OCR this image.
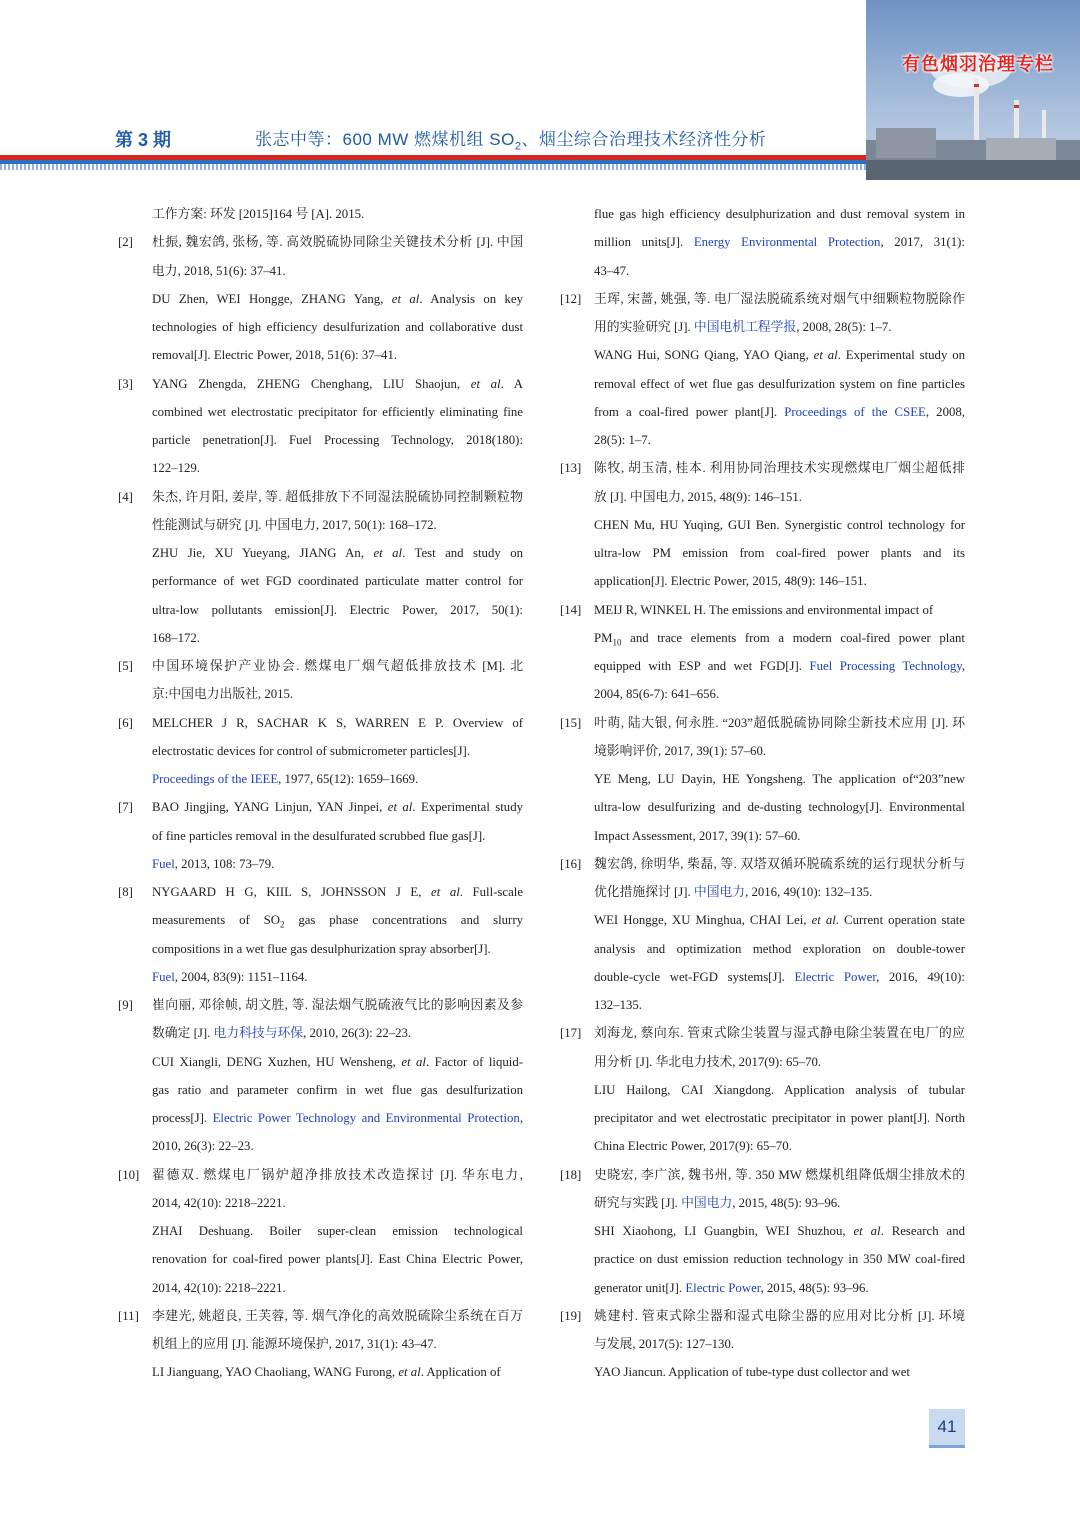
第 3 期	张志中等：600 MW 燃煤机组 $SO_2$、烟尘综合治理技术经济性分析
有色烟羽治理专栏
工作方案: 环发 [2015]164 号 [A]. 2015.
[2]	杜振, 魏宏鸽, 张杨, 等. 高效脱硫协同除尘关键技术分析 [J]. 中国
电力, 2018, 51(6): 37–41.
DU Zhen, WEI Hongge, ZHANG Yang, et al. Analysis on key
technologies of high efficiency desulfurization and collaborative dust
removal[J]. Electric Power, 2018, 51(6): 37–41.
[3]	YANG Zhengda, ZHENG Chenghang, LIU Shaojun, et al. A
combined wet electrostatic precipitator for efficiently eliminating fine
particle penetration[J]. Fuel Processing Technology, 2018(180):
122–129.
[4]	朱杰, 许月阳, 姜岸, 等. 超低排放下不同湿法脱硫协同控制颗粒物
性能测试与研究 [J]. 中国电力, 2017, 50(1): 168–172.
ZHU Jie, XU Yueyang, JIANG An, et al. Test and study on
performance of wet FGD coordinated particulate matter control for
ultra-low pollutants emission[J]. Electric Power, 2017, 50(1):
168–172.
[5]	中国环境保护产业协会. 燃煤电厂烟气超低排放技术 [M]. 北
京:中国电力出版社, 2015.
[6]	MELCHER J R, SACHAR K S, WARREN E P. Overview of
electrostatic devices for control of submicrometer particles[J].
Proceedings of the IEEE, 1977, 65(12): 1659–1669.
[7]	BAO Jingjing, YANG Linjun, YAN Jinpei, et al. Experimental study
of fine particles removal in the desulfurated scrubbed flue gas[J].
Fuel, 2013, 108: 73–79.
[8]	NYGAARD H G, KIIL S, JOHNSSON J E, et al. Full-scale
measurements of $SO_2$ gas phase concentrations and slurry
compositions in a wet flue gas desulphurization spray absorber[J].
Fuel, 2004, 83(9): 1151–1164.
[9]	崔向丽, 邓徐帧, 胡文胜, 等. 湿法烟气脱硫液气比的影响因素及参
数确定 [J]. 电力科技与环保, 2010, 26(3): 22–23.
CUI Xiangli, DENG Xuzhen, HU Wensheng, et al. Factor of liquid-
gas ratio and parameter confirm in wet flue gas desulfurization
process[J]. Electric Power Technology and Environmental Protection,
2010, 26(3): 22–23.
[10] 翟德双. 燃煤电厂锅炉超净排放技术改造探讨 [J]. 华东电力,
2014, 42(10): 2218–2221.
ZHAI Deshuang. Boiler super-clean emission technological
renovation for coal-fired power plants[J]. East China Electric Power,
2014, 42(10): 2218–2221.
[11]	李建光, 姚超良, 王芙蓉, 等. 烟气净化的高效脱硫除尘系统在百万
机组上的应用 [J]. 能源环境保护, 2017, 31(1): 43–47.
LI Jianguang, YAO Chaoliang, WANG Furong, et al. Application of
flue gas high efficiency desulphurization and dust removal system in
million units[J]. Energy Environmental Protection, 2017, 31(1):
43–47.
[12] 王珲, 宋蔷, 姚强, 等. 电厂湿法脱硫系统对烟气中细颗粒物脱除作
用的实验研究 [J]. 中国电机工程学报, 2008, 28(5): 1–7.
WANG Hui, SONG Qiang, YAO Qiang, et al. Experimental study on
removal effect of wet flue gas desulfurization system on fine particles
from a coal-fired power plant[J]. Proceedings of the CSEE, 2008,
28(5): 1–7.
[13] 陈牧, 胡玉清, 桂本. 利用协同治理技术实现燃煤电厂烟尘超低排
放 [J]. 中国电力, 2015, 48(9): 146–151.
CHEN Mu, HU Yuqing, GUI Ben. Synergistic control technology for
ultra-low PM emission from coal-fired power plants and its
application[J]. Electric Power, 2015, 48(9): 146–151.
[14] MEIJ R, WINKEL H. The emissions and environmental impact of
$PM_{10}$ and trace elements from a modern coal-fired power plant
equipped with ESP and wet FGD[J]. Fuel Processing Technology,
2004, 85(6-7): 641–656.
[15] 叶萌, 陆大银, 何永胜. “203”超低脱硫协同除尘新技术应用 [J]. 环
境影响评价, 2017, 39(1): 57–60.
YE Meng, LU Dayin, HE Yongsheng. The application of“203”new
ultra-low desulfurizing and de-dusting technology[J]. Environmental
Impact Assessment, 2017, 39(1): 57–60.
[16] 魏宏鸽, 徐明华, 柴磊, 等. 双塔双循环脱硫系统的运行现状分析与
优化措施探讨 [J]. 中国电力, 2016, 49(10): 132–135.
WEI Hongge, XU Minghua, CHAI Lei, et al. Current operation state
analysis and optimization method exploration on double-tower
double-cycle wet-FGD systems[J]. Electric Power, 2016, 49(10):
132–135.
[17] 刘海龙, 蔡向东. 管束式除尘装置与湿式静电除尘装置在电厂的应
用分析 [J]. 华北电力技术, 2017(9): 65–70.
LIU Hailong, CAI Xiangdong. Application analysis of tubular
precipitator and wet electrostatic precipitator in power plant[J]. North
China Electric Power, 2017(9): 65–70.
[18] 史晓宏, 李广滨, 魏书州, 等. 350 MW 燃煤机组降低烟尘排放术的
研究与实践 [J]. 中国电力, 2015, 48(5): 93–96.
SHI Xiaohong, LI Guangbin, WEI Shuzhou, et al. Research and
practice on dust emission reduction technology in 350 MW coal-fired
generator unit[J]. Electric Power, 2015, 48(5): 93–96.
[19] 姚建村. 管束式除尘器和湿式电除尘器的应用对比分析 [J]. 环境
与发展, 2017(5): 127–130.
YAO Jiancun. Application of tube-type dust collector and wet
41
